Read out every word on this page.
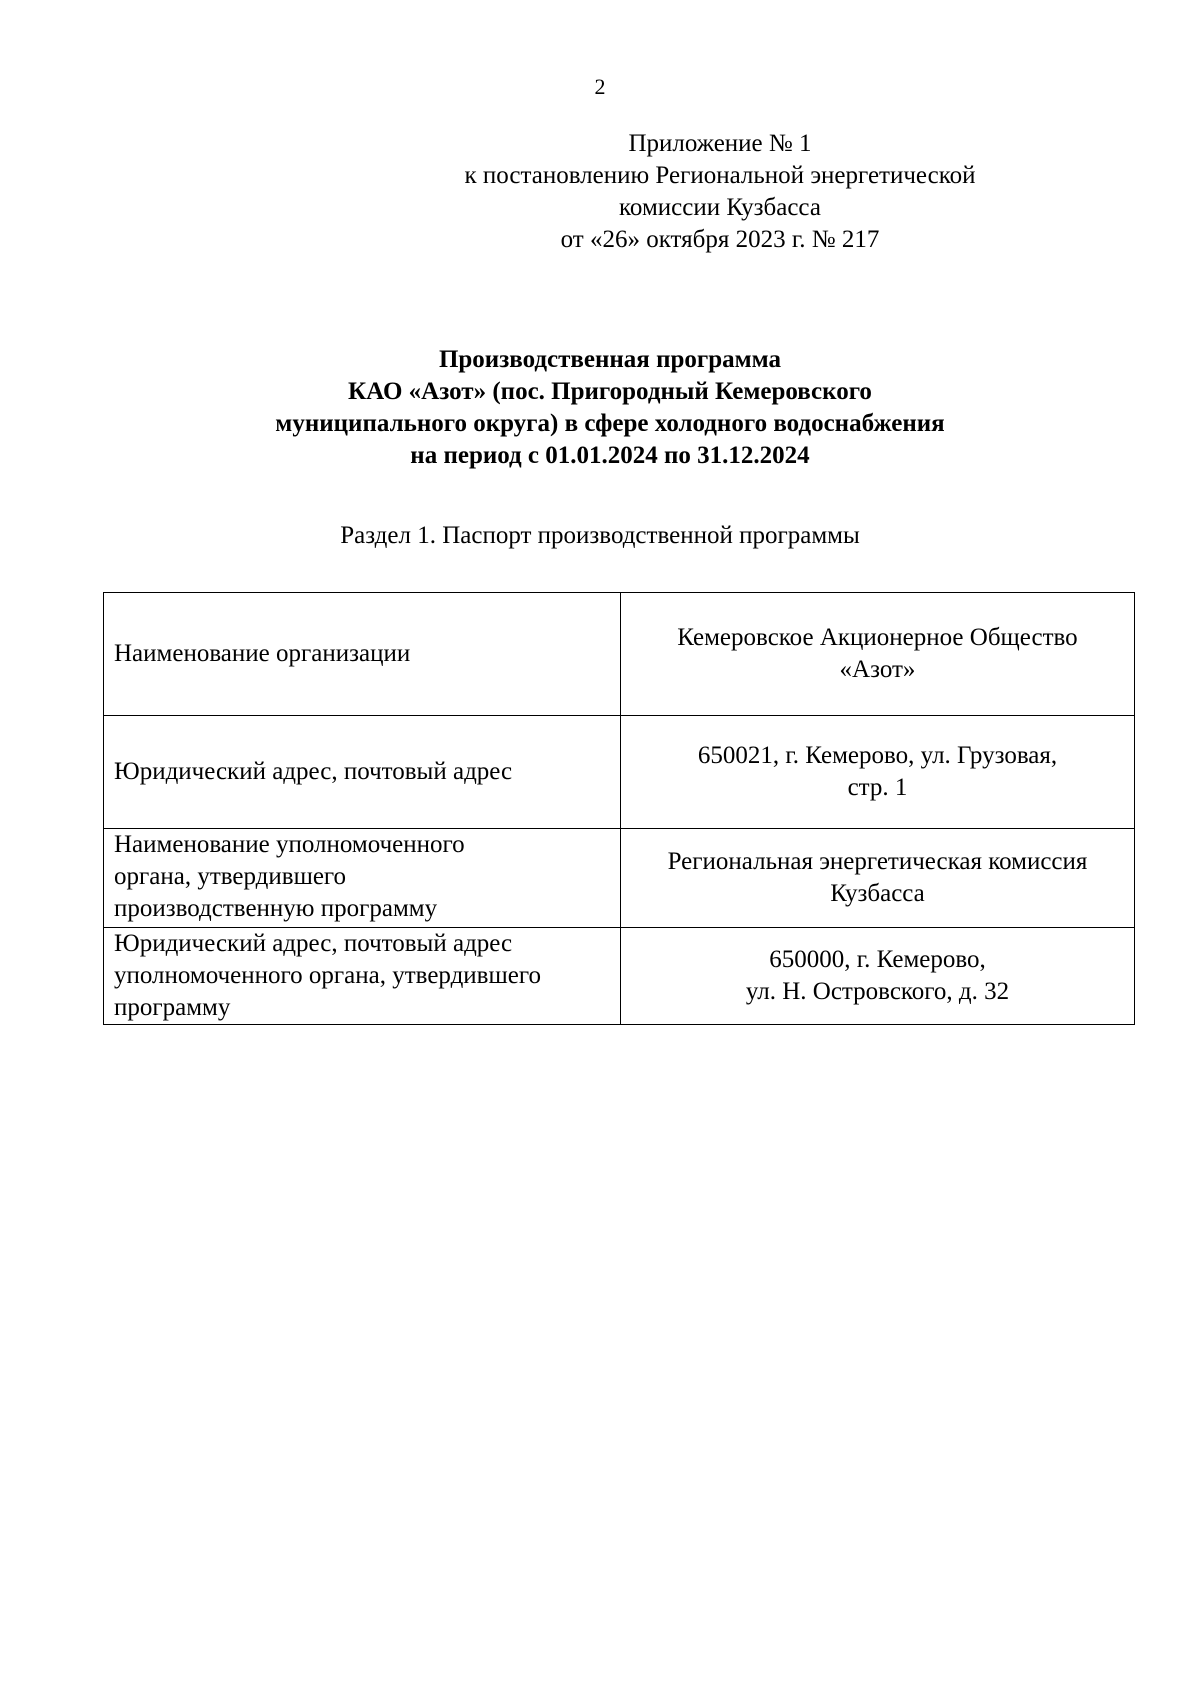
2
Приложение № 1
к постановлению Региональной энергетической
комиссии Кузбасса
от «26» октября 2023 г. № 217
Производственная программа
КАО «Азот» (пос. Пригородный Кемеровского
муниципального округа) в сфере холодного водоснабжения
на период с 01.01.2024 по 31.12.2024
Раздел 1. Паспорт производственной программы
Наименование организации	Кемеровское Акционерное Общество
«Азот»

Юридический адрес, почтовый адрес	650021, г. Кемерово, ул. Грузовая,
стр. 1

Наименование уполномоченного
органа, утвердившего
производственную программу	Региональная энергетическая комиссия
Кузбасса

Юридический адрес, почтовый адрес
уполномоченного органа, утвердившего
программу	650000, г. Кемерово,
ул. Н. Островского, д. 32
